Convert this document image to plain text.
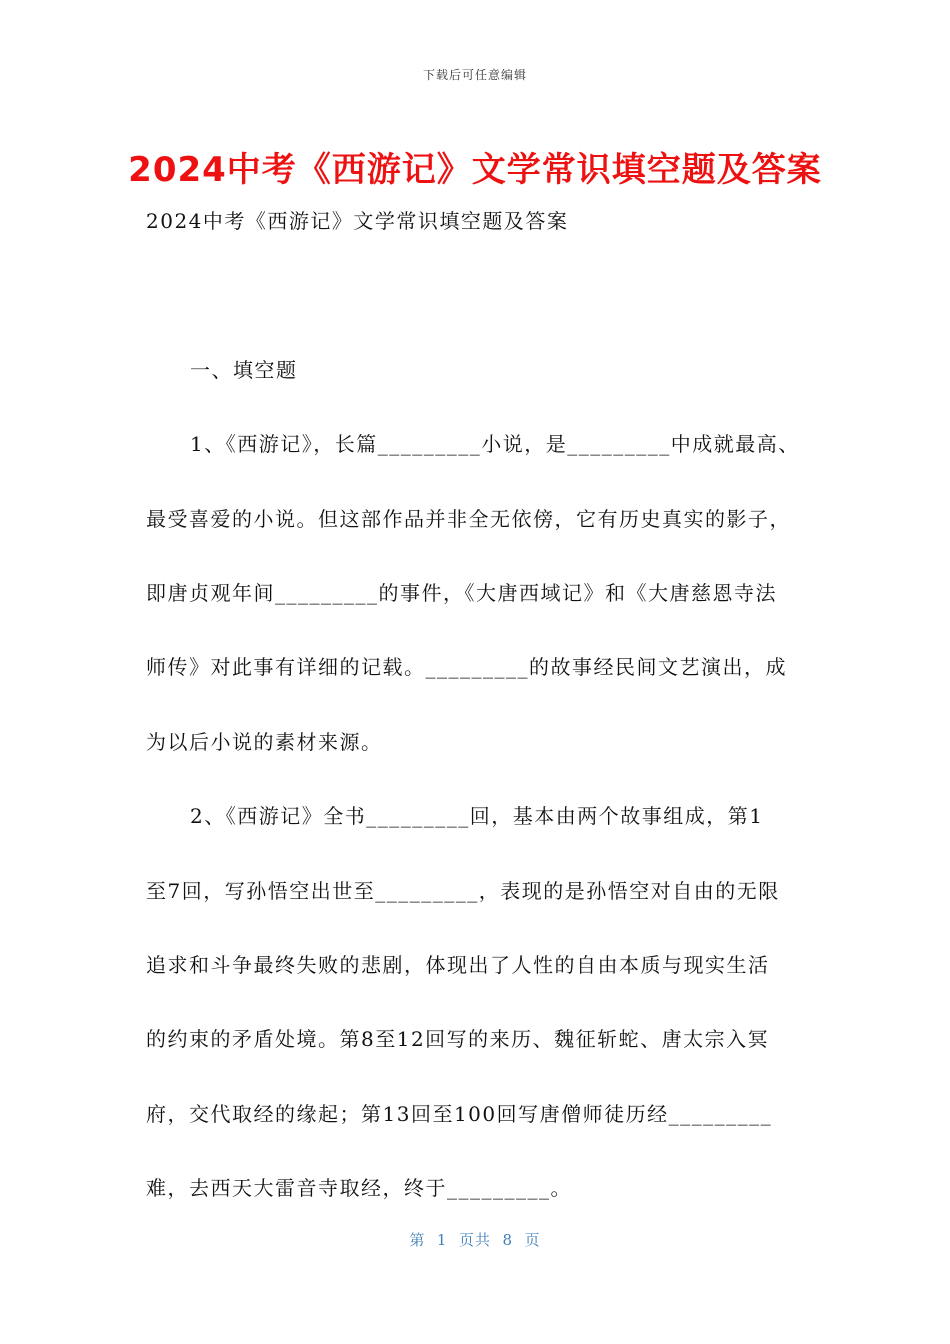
下载后可任意编辑
2024中考《西游记》文学常识填空题及答案
2024中考《西游记》文学常识填空题及答案
一、填空题
1、《西游记》，长篇_________小说，是_________中成就最高、
最受喜爱的小说。但这部作品并非全无依傍，它有历史真实的影子，
即唐贞观年间_________的事件，《大唐西域记》和《大唐慈恩寺法
师传》对此事有详细的记载。_________的故事经民间文艺演出，成
为以后小说的素材来源。
2、《西游记》全书_________回，基本由两个故事组成，第1
至7回，写孙悟空出世至_________，表现的是孙悟空对自由的无限
追求和斗争最终失败的悲剧，体现出了人性的自由本质与现实生活
的约束的矛盾处境。第8至12回写的来历、魏征斩蛇、唐太宗入冥
府，交代取经的缘起；第13回至100回写唐僧师徒历经_________
难，去西天大雷音寺取经，终于_________。
第  1  页共  8  页
